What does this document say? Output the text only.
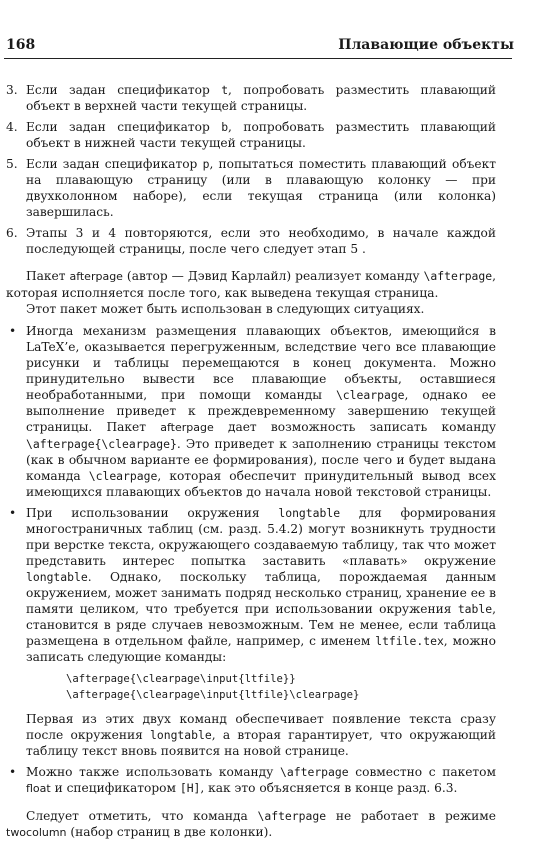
168	Плавающие объекты
3. Если задан спецификатор t, попробовать разместить плавающий объект в верхней части текущей страницы.
4. Если задан спецификатор b, попробовать разместить плавающий объект в нижней части текущей страницы.
5. Если задан спецификатор p, попытаться поместить плавающий объект на плавающую страницу (или в плавающую колонку — при двухколонном наборе), если текущая страница (или колонка) завершилась.
6. Этапы 3 и 4 повторяются, если это необходимо, в начале каждой последующей страницы, после чего следует этап 5 .

Пакет afterpage (автор — Дэвид Карлайл) реализует команду \afterpage, которая исполняется после того, как выведена текущая страница.

Этот пакет может быть использован в следующих ситуациях.

• Иногда механизм размещения плавающих объектов, имеющийся в LaTeX’е, оказывается перегруженным, вследствие чего все плавающие рисунки и таблицы перемещаются в конец документа. Можно принудительно вывести все плавающие объекты, оставшиеся необработанными, при помощи команды \clearpage, однако ее выполнение приведет к преждевременному завершению текущей страницы. Пакет afterpage дает возможность записать команду \afterpage{\clearpage}. Это приведет к заполнению страницы текстом (как в обычном варианте ее формирования), после чего и будет выдана команда \clearpage, которая обеспечит принудительный вывод всех имеющихся плавающих объектов до начала новой текстовой страницы.
• При использовании окружения longtable для формирования многостраничных таблиц (см. разд. 5.4.2) могут возникнуть трудности при верстке текста, окружающего создаваемую таблицу, так что может представить интерес попытка заставить «плавать» окружение longtable. Однако, поскольку таблица, порождаемая данным окружением, может занимать подряд несколько страниц, хранение ее в памяти целиком, что требуется при использовании окружения table, становится в ряде случаев невозможным. Тем не менее, если таблица размещена в отдельном файле, например, с именем ltfile.tex, можно записать следующие команды:
\afterpage{\clearpage\input{ltfile}}
\afterpage{\clearpage\input{ltfile}\clearpage}
Первая из этих двух команд обеспечивает появление текста сразу после окружения longtable, а вторая гарантирует, что окружающий таблицу текст вновь появится на новой странице.
• Можно также использовать команду \afterpage совместно с пакетом float и спецификатором [H], как это объясняется в конце разд. 6.3.

Следует отметить, что команда \afterpage не работает в режиме twocolumn (набор страниц в две колонки).
